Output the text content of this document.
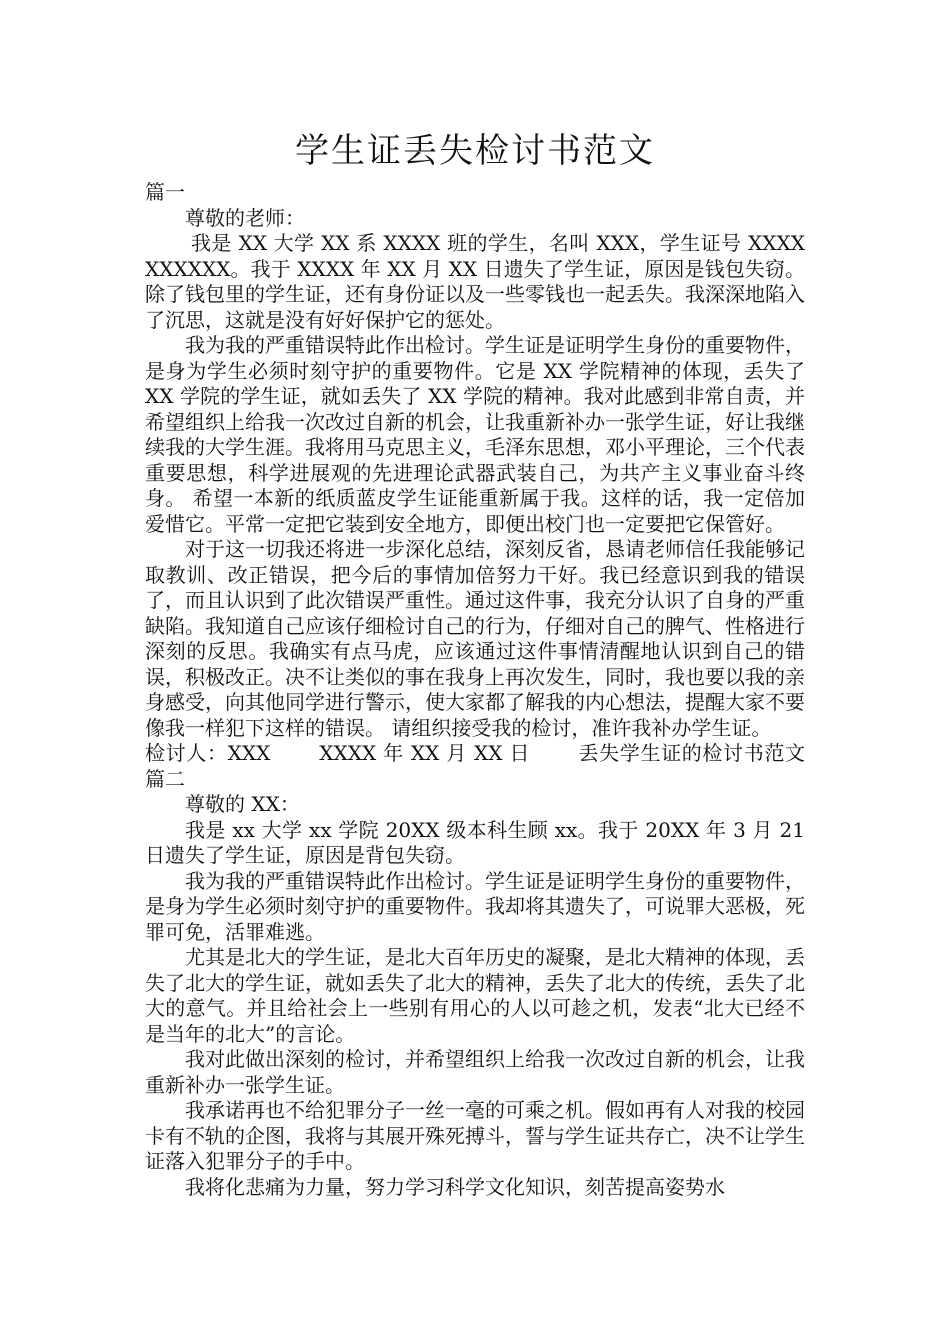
学生证丢失检讨书范文

篇一

尊敬的老师：

我是 XX 大学 XX 系 XXXX 班的学生，名叫 XXX，学生证号 XXXXXXXXXX。我于 XXXX 年 XX 月 XX 日遗失了学生证，原因是钱包失窃。除了钱包里的学生证，还有身份证以及一些零钱也一起丢失。我深深地陷入了沉思，这就是没有好好保护它的惩处。

我为我的严重错误特此作出检讨。学生证是证明学生身份的重要物件，是身为学生必须时刻守护的重要物件。它是 XX 学院精神的体现，丢失了 XX 学院的学生证，就如丢失了 XX 学院的精神。我对此感到非常自责，并希望组织上给我一次改过自新的机会，让我重新补办一张学生证，好让我继续我的大学生涯。我将用马克思主义，毛泽东思想，邓小平理论，三个代表重要思想，科学进展观的先进理论武器武装自己，为共产主义事业奋斗终身。 希望一本新的纸质蓝皮学生证能重新属于我。这样的话，我一定倍加爱惜它。平常一定把它装到安全地方，即便出校门也一定要把它保管好。

对于这一切我还将进一步深化总结，深刻反省，恳请老师信任我能够记取教训、改正错误，把今后的事情加倍努力干好。我已经意识到我的错误了，而且认识到了此次错误严重性。通过这件事，我充分认识了自身的严重缺陷。我知道自己应该仔细检讨自己的行为，仔细对自己的脾气、性格进行深刻的反思。我确实有点马虎，应该通过这件事情清醒地认识到自己的错误，积极改正。决不让类似的事在我身上再次发生，同时，我也要以我的亲身感受，向其他同学进行警示，使大家都了解我的内心想法，提醒大家不要像我一样犯下这样的错误。 请组织接受我的检讨，准许我补办学生证。

检讨人：XXX　　 XXXX 年 XX 月 XX 日　　 丢失学生证的检讨书范文篇二

尊敬的 XX：

我是 xx 大学 xx 学院 20XX 级本科生顾 xx。我于 20XX 年 3 月 21 日遗失了学生证，原因是背包失窃。

我为我的严重错误特此作出检讨。学生证是证明学生身份的重要物件，是身为学生必须时刻守护的重要物件。我却将其遗失了，可说罪大恶极，死罪可免，活罪难逃。

尤其是北大的学生证，是北大百年历史的凝聚，是北大精神的体现，丢失了北大的学生证，就如丢失了北大的精神，丢失了北大的传统，丢失了北大的意气。并且给社会上一些别有用心的人以可趁之机，发表“北大已经不是当年的北大”的言论。

我对此做出深刻的检讨，并希望组织上给我一次改过自新的机会，让我重新补办一张学生证。

我承诺再也不给犯罪分子一丝一毫的可乘之机。假如再有人对我的校园卡有不轨的企图，我将与其展开殊死搏斗，誓与学生证共存亡，决不让学生证落入犯罪分子的手中。

我将化悲痛为力量，努力学习科学文化知识，刻苦提高姿势水
